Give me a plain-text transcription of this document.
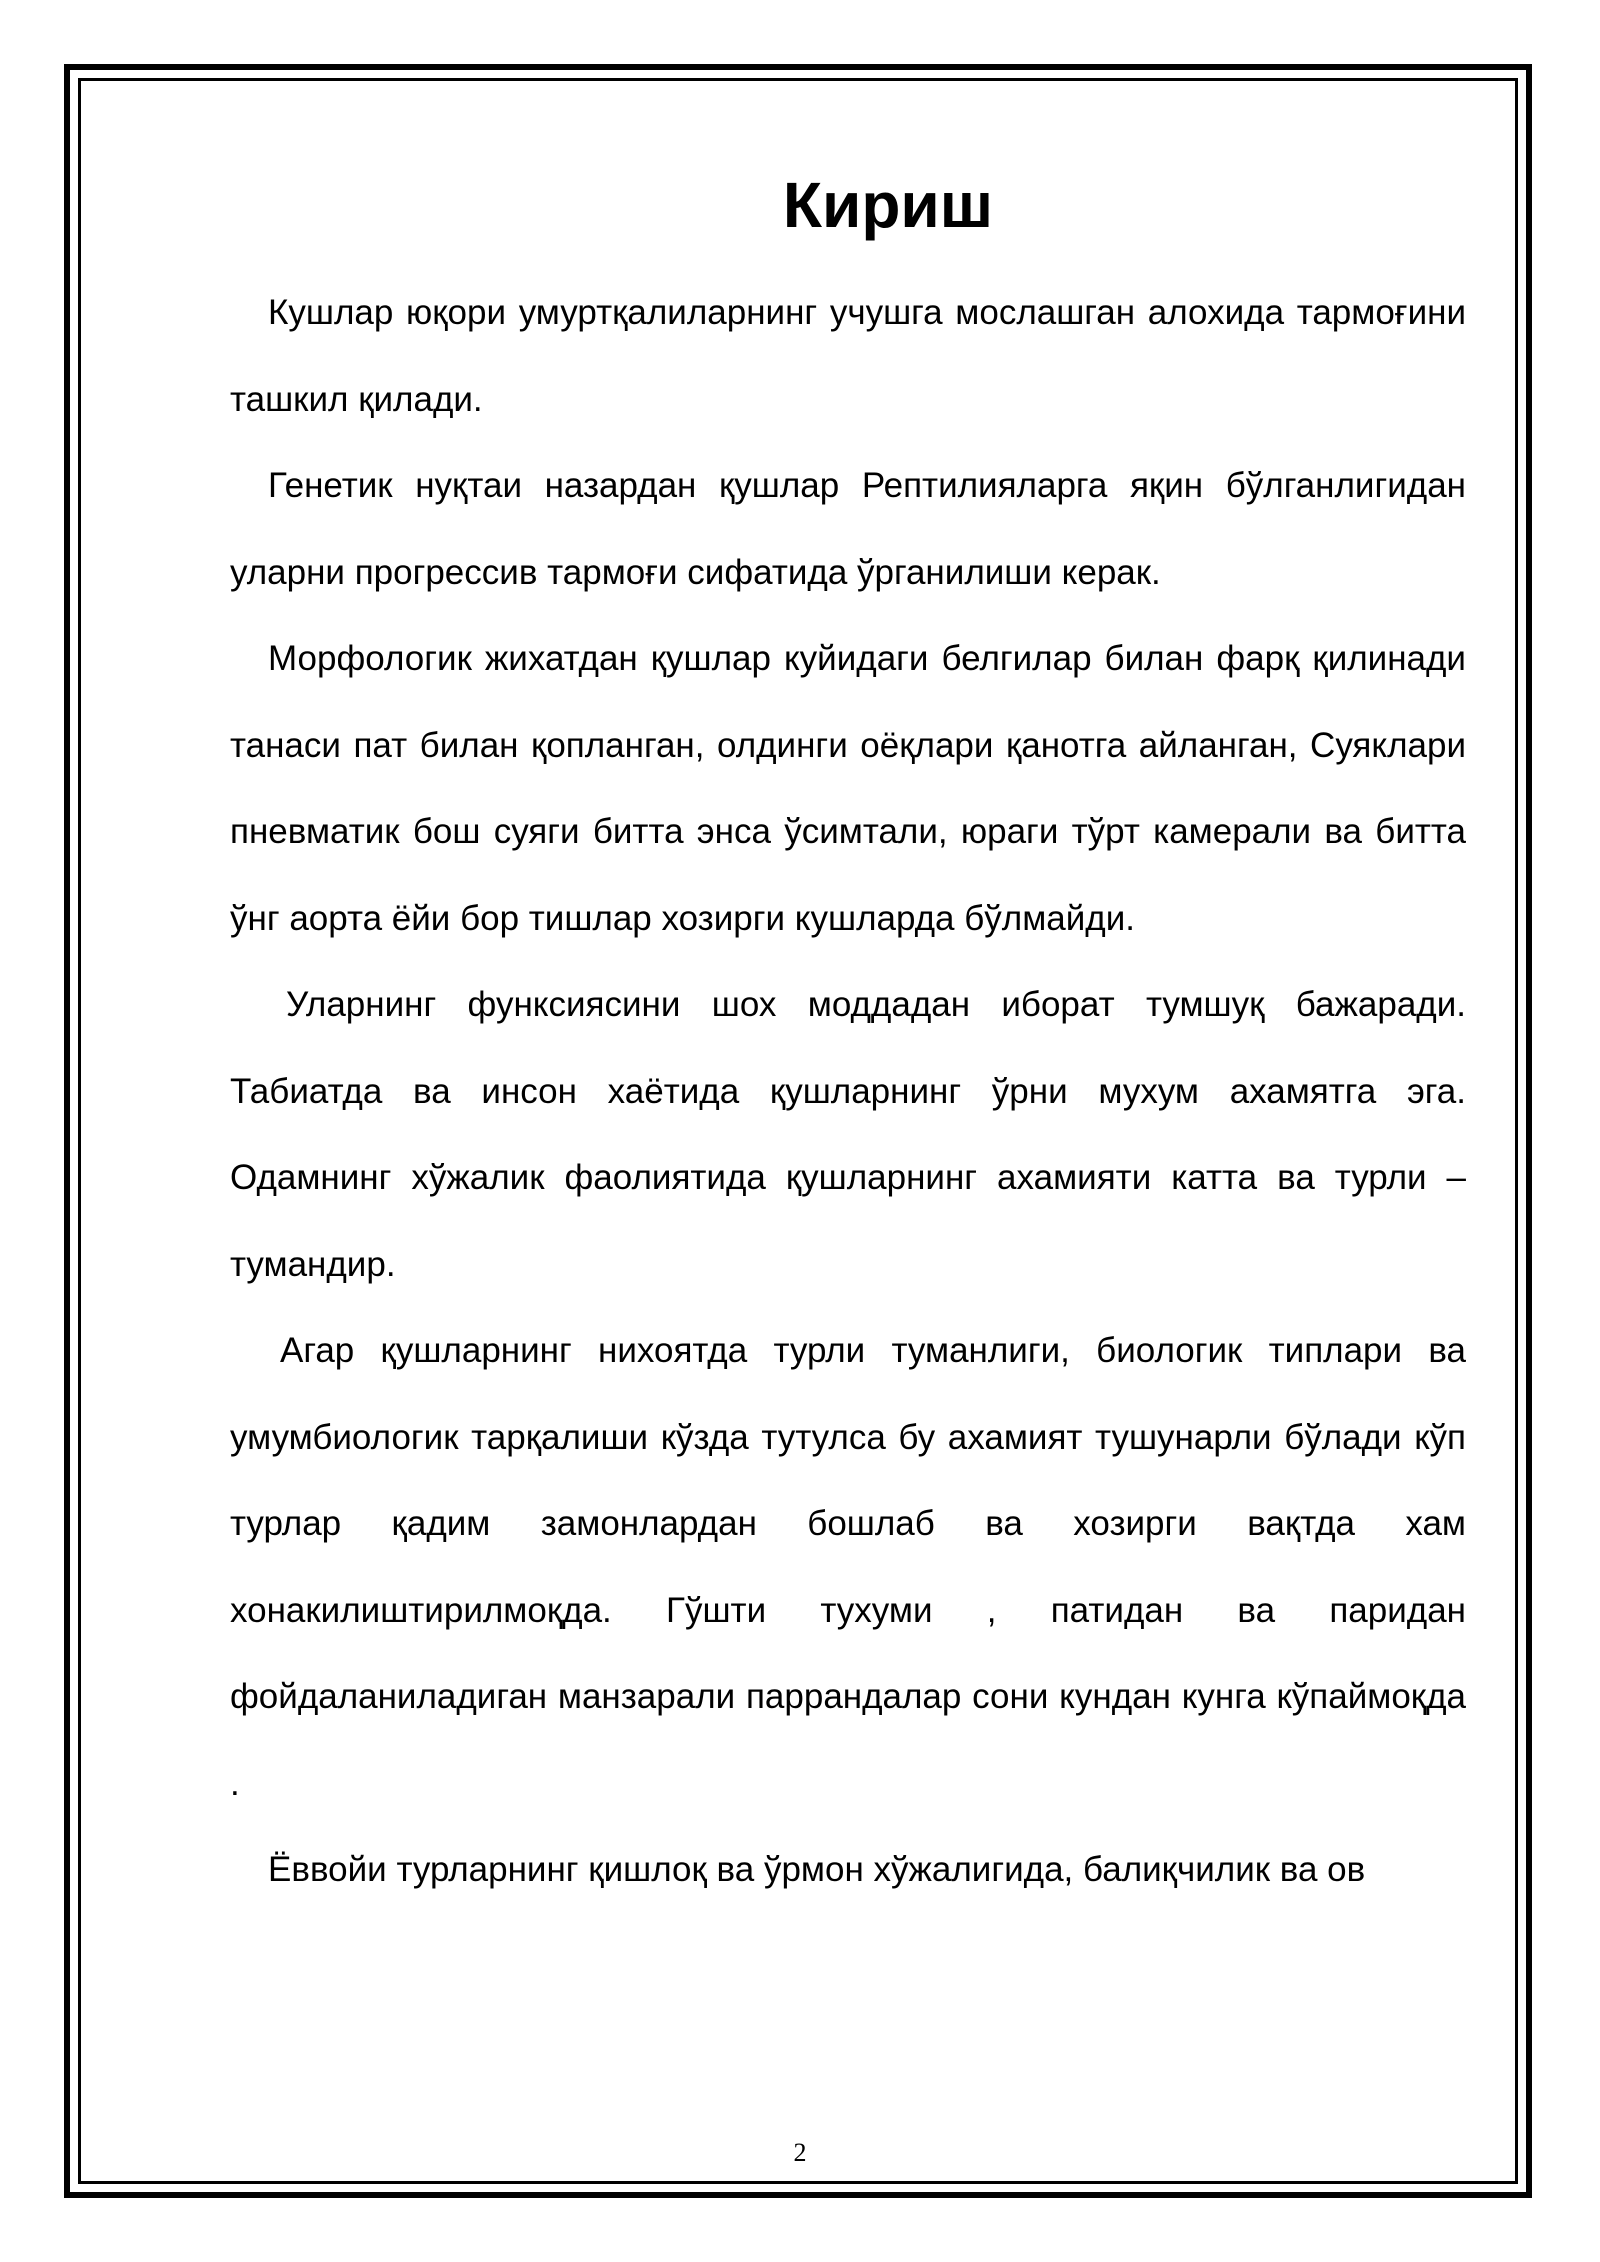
Кириш

Кушлар юқори умуртқалиларнинг учушга мослашган алохида тармоғини ташкил қилади.

Генетик нуқтаи назардан қушлар Рептилияларга яқин бўлганлигидан уларни прогрессив тармоғи сифатида ўрганилиши керак.

Морфологик жихатдан қушлар куйидаги белгилар билан фарқ қилинади танаси пат билан қопланган, олдинги оёқлари қанотга айланган, Суяклари пневматик бош суяги битта энса ўсимтали, юраги тўрт камерали ва битта ўнг аорта ёйи бор тишлар хозирги кушларда бўлмайди.

Уларнинг функсиясини шох моддадан иборат тумшуқ бажаради. Табиатда ва инсон хаётида қушларнинг ўрни мухум ахамятга эга. Одамнинг хўжалик фаолиятида қушларнинг ахамияти катта ва турли –тумандир.

Агар қушларнинг нихоятда турли туманлиги, биологик типлари ва умумбиологик тарқалиши кўзда тутулса бу ахамият тушунарли бўлади кўп турлар қадим замонлардан бошлаб ва хозирги вақтда хам хонакилиштирилмоқда. Гўшти тухуми , патидан ва паридан фойдаланиладиган манзарали паррандалар сони кундан кунга кўпаймоқда .

Ёввойи турларнинг қишлоқ ва ўрмон хўжалигида, балиқчилик ва ов

2
